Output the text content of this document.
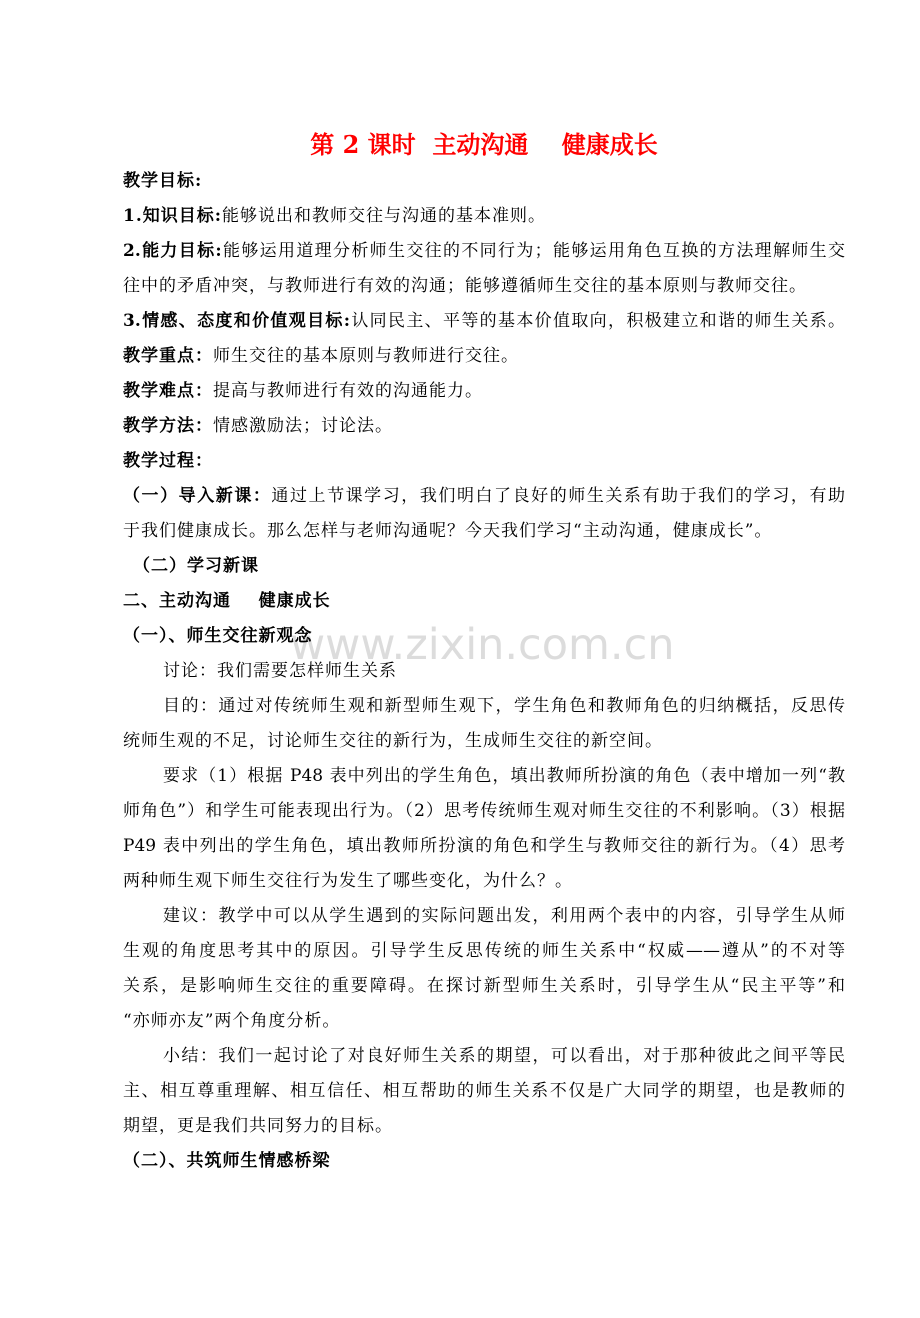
www.zixin.com.cn
第 2 课时  主动沟通    健康成长
教学目标:
1.知识目标:能够说出和教师交往与沟通的基本准则。
2.能力目标:能够运用道理分析师生交往的不同行为；能够运用角色互换的方法理解师生交
往中的矛盾冲突，与教师进行有效的沟通；能够遵循师生交往的基本原则与教师交往。
3.情感、态度和价值观目标:认同民主、平等的基本价值取向，积极建立和谐的师生关系。
教学重点：师生交往的基本原则与教师进行交往。
教学难点：提高与教师进行有效的沟通能力。
教学方法：情感激励法；讨论法。
教学过程：
（一）导入新课：通过上节课学习，我们明白了良好的师生关系有助于我们的学习，有助
于我们健康成长。那么怎样与老师沟通呢？今天我们学习“主动沟通，健康成长”。
（二）学习新课
二、主动沟通    健康成长
（一）、师生交往新观念
讨论：我们需要怎样师生关系
目的：通过对传统师生观和新型师生观下，学生角色和教师角色的归纳概括，反思传
统师生观的不足，讨论师生交往的新行为，生成师生交往的新空间。
要求（1）根据 P48 表中列出的学生角色，填出教师所扮演的角色（表中增加一列“教
师角色”）和学生可能表现出行为。（2）思考传统师生观对师生交往的不利影响。（3）根据
P49 表中列出的学生角色，填出教师所扮演的角色和学生与教师交往的新行为。（4）思考
两种师生观下师生交往行为发生了哪些变化，为什么？。
建议：教学中可以从学生遇到的实际问题出发，利用两个表中的内容，引导学生从师
生观的角度思考其中的原因。引导学生反思传统的师生关系中“权威——遵从”的不对等
关系，是影响师生交往的重要障碍。在探讨新型师生关系时，引导学生从“民主平等”和
“亦师亦友”两个角度分析。
小结：我们一起讨论了对良好师生关系的期望，可以看出，对于那种彼此之间平等民
主、相互尊重理解、相互信任、相互帮助的师生关系不仅是广大同学的期望，也是教师的
期望，更是我们共同努力的目标。
（二）、共筑师生情感桥梁
